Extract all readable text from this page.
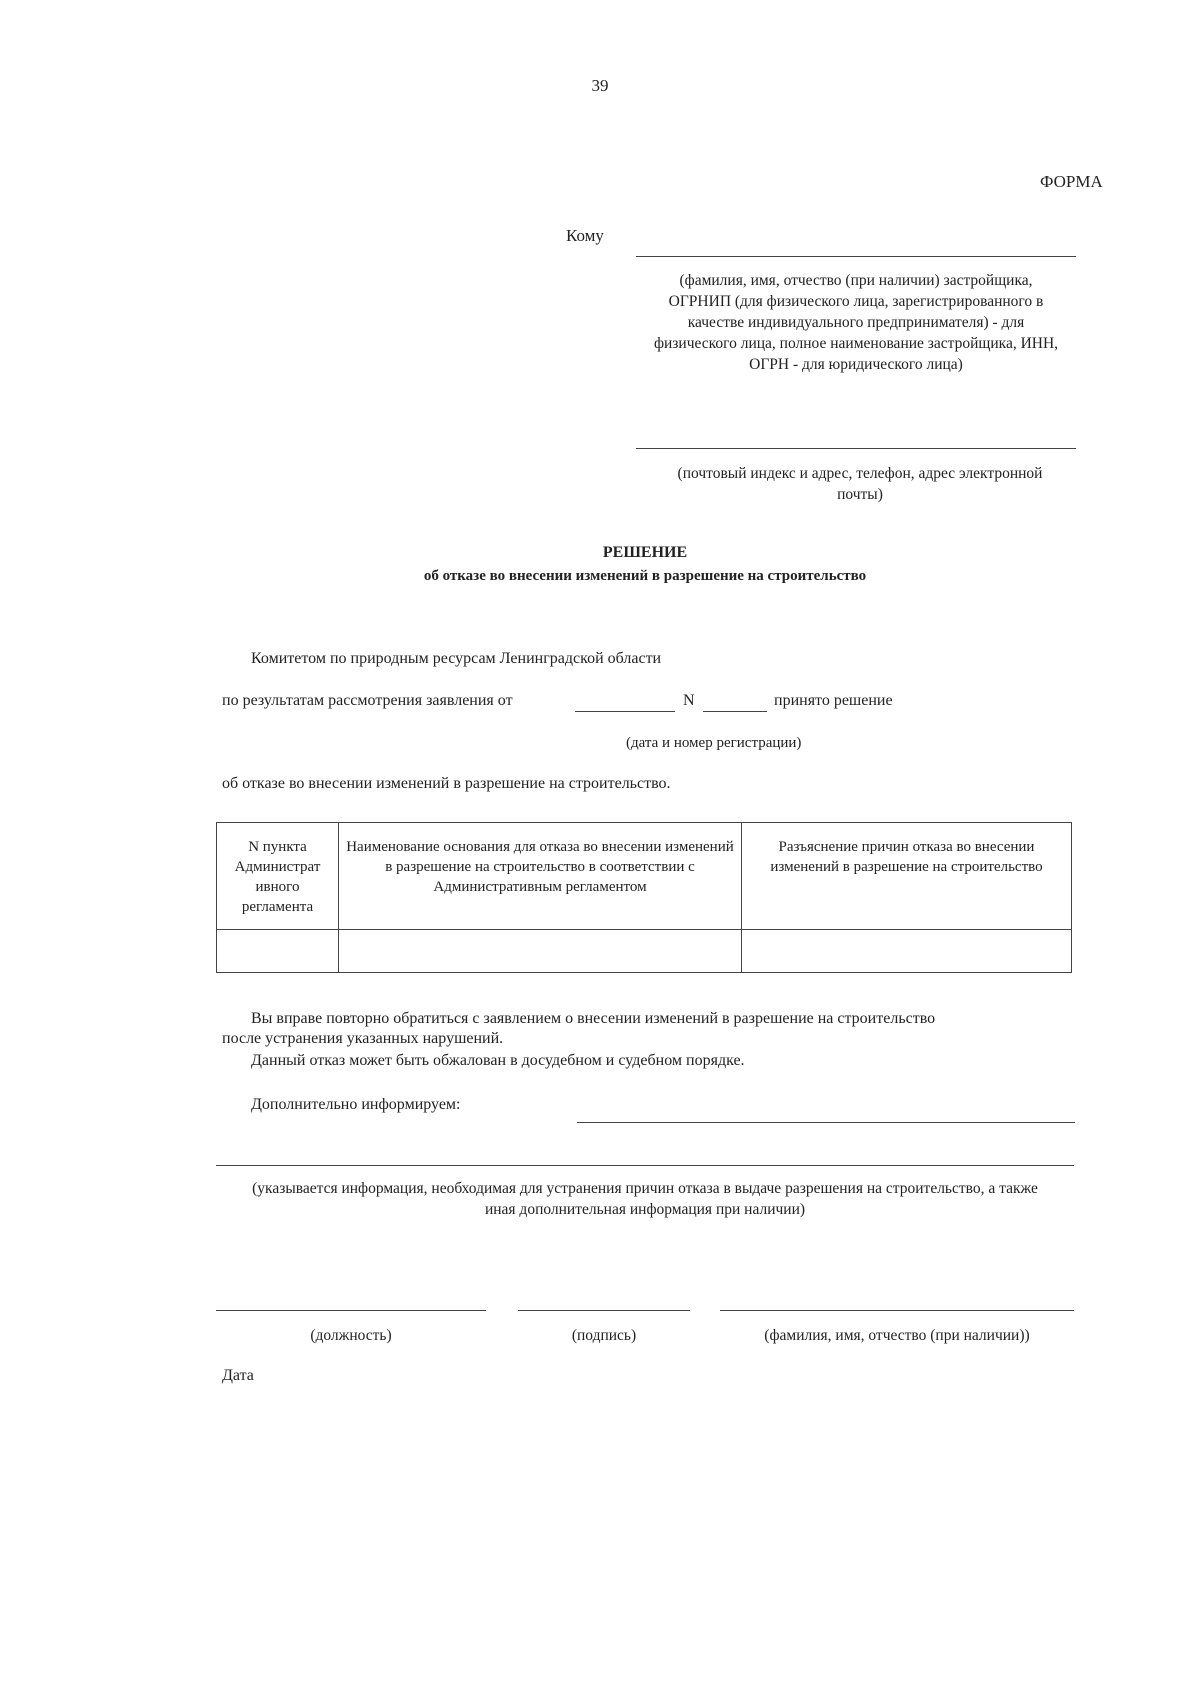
39
ФОРМА
Кому
(фамилия, имя, отчество (при наличии) застройщика, ОГРНИП (для физического лица, зарегистрированного в качестве индивидуального предпринимателя) - для физического лица, полное наименование застройщика, ИНН, ОГРН - для юридического лица)
(почтовый индекс и адрес, телефон, адрес электронной почты)
РЕШЕНИЕ
об отказе во внесении изменений в разрешение на строительство
Комитетом по природным ресурсам Ленинградской области
по результатам рассмотрения заявления от	N	принято решение
(дата и номер регистрации)
об отказе во внесении изменений в разрешение на строительство.
N пункта Администрат ивного регламента	Наименование основания для отказа во внесении изменений в разрешение на строительство в соответствии с Административным регламентом	Разъяснение причин отказа во внесении изменений в разрешение на строительство

Вы вправе повторно обратиться с заявлением о внесении изменений в разрешение на строительство
после устранения указанных нарушений.
Данный отказ может быть обжалован в досудебном и судебном порядке.
Дополнительно информируем:
(указывается информация, необходимая для устранения причин отказа в выдаче разрешения на строительство, а также иная дополнительная информация при наличии)
(должность)	(подпись)	(фамилия, имя, отчество (при наличии))
Дата
